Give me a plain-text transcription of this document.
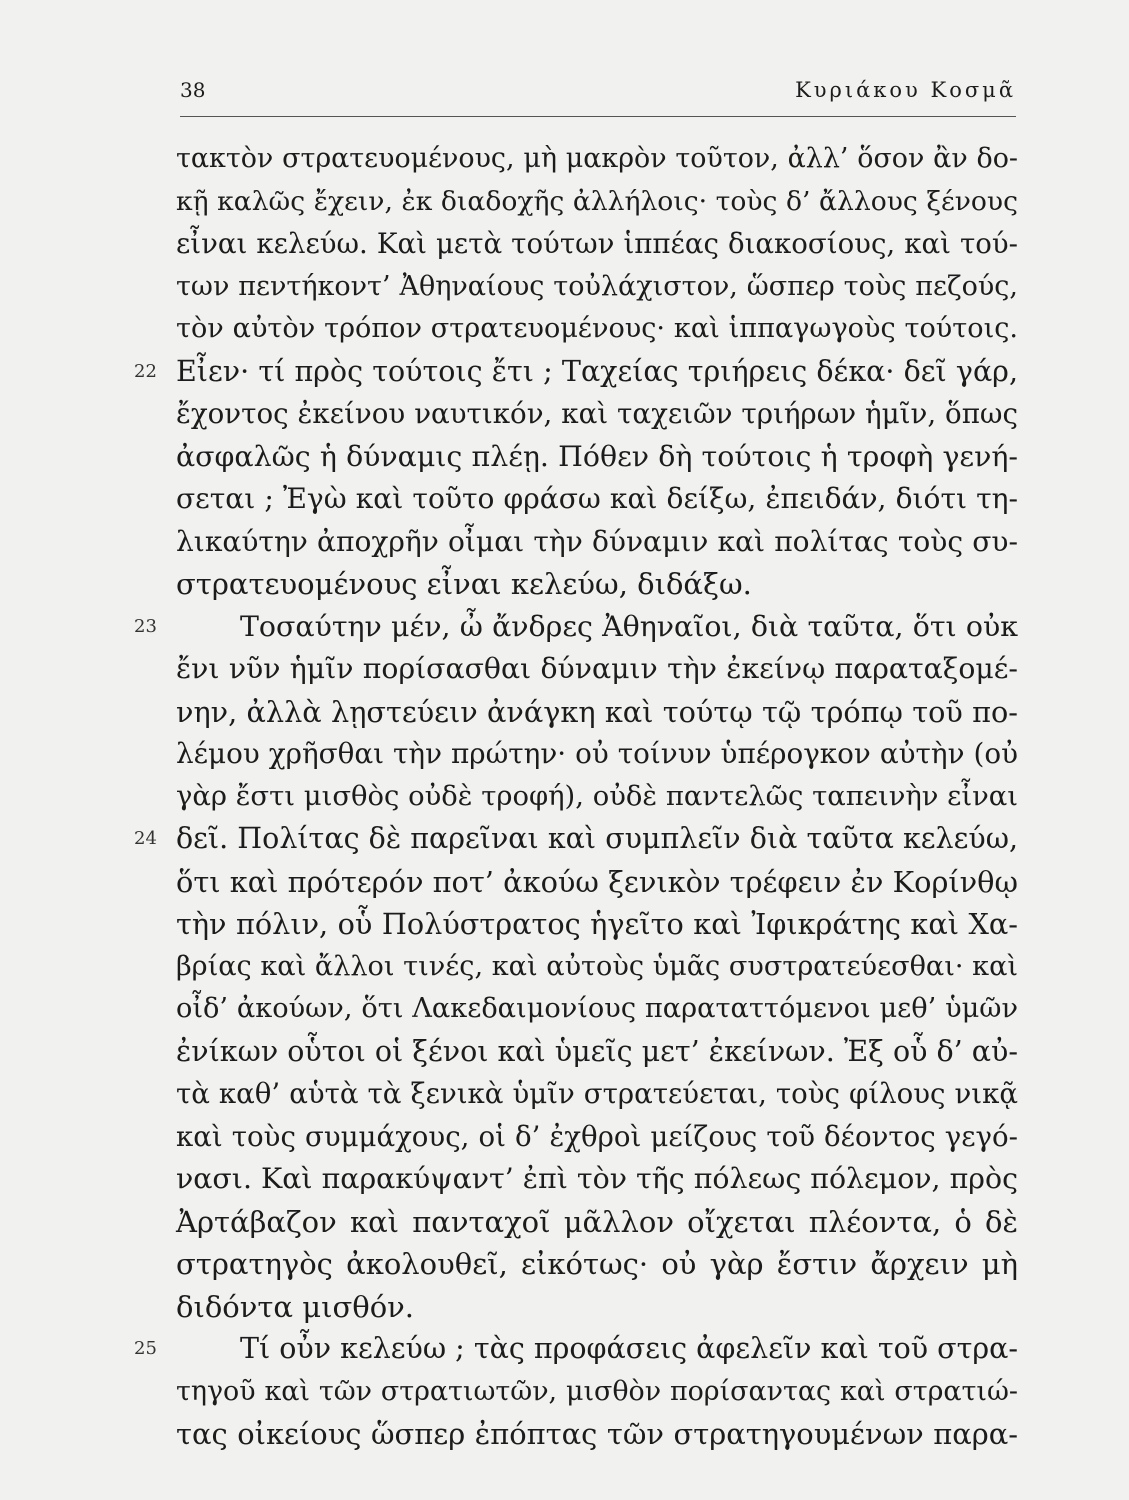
38	Κυριάκου Κοσμᾶ
τακτὸν στρατευομένους, μὴ μακρὸν τοῦτον, ἀλλ’ ὅσον ἂν δο-
κῇ καλῶς ἔχειν, ἐκ διαδοχῆς ἀλλήλοις· τοὺς δ’ ἄλλους ξένους
εἶναι κελεύω. Καὶ μετὰ τούτων ἱππέας διακοσίους, καὶ τού-
των πεντήκοντ’ Ἀθηναίους τοὐλάχιστον, ὥσπερ τοὺς πεζούς,
τὸν αὐτὸν τρόπον στρατευομένους· καὶ ἱππαγωγοὺς τούτοις.
22 Εἶεν· τί πρὸς τούτοις ἔτι ; Ταχείας τριήρεις δέκα· δεῖ γάρ,
ἔχοντος ἐκείνου ναυτικόν, καὶ ταχειῶν τριήρων ἡμῖν, ὅπως
ἀσφαλῶς ἡ δύναμις πλέῃ. Πόθεν δὴ τούτοις ἡ τροφὴ γενή-
σεται ; Ἐγὼ καὶ τοῦτο φράσω καὶ δείξω, ἐπειδάν, διότι τη-
λικαύτην ἀποχρῆν οἶμαι τὴν δύναμιν καὶ πολίτας τοὺς συ-
στρατευομένους εἶναι κελεύω, διδάξω.
23	Τοσαύτην μέν, ὦ ἄνδρες Ἀθηναῖοι, διὰ ταῦτα, ὅτι οὐκ
ἔνι νῦν ἡμῖν πορίσασθαι δύναμιν τὴν ἐκείνῳ παραταξομέ-
νην, ἀλλὰ λῃστεύειν ἀνάγκη καὶ τούτῳ τῷ τρόπῳ τοῦ πο-
λέμου χρῆσθαι τὴν πρώτην· οὐ τοίνυν ὑπέρογκον αὐτὴν (οὐ
γὰρ ἔστι μισθὸς οὐδὲ τροφή), οὐδὲ παντελῶς ταπεινὴν εἶναι
24 δεῖ. Πολίτας δὲ παρεῖναι καὶ συμπλεῖν διὰ ταῦτα κελεύω,
ὅτι καὶ πρότερόν ποτ’ ἀκούω ξενικὸν τρέφειν ἐν Κορίνθῳ
τὴν πόλιν, οὗ Πολύστρατος ἡγεῖτο καὶ Ἰφικράτης καὶ Χα-
βρίας καὶ ἄλλοι τινές, καὶ αὐτοὺς ὑμᾶς συστρατεύεσθαι· καὶ
οἶδ’ ἀκούων, ὅτι Λακεδαιμονίους παραταττόμενοι μεθ’ ὑμῶν
ἐνίκων οὗτοι οἱ ξένοι καὶ ὑμεῖς μετ’ ἐκείνων. Ἐξ οὗ δ’ αὐ-
τὰ καθ’ αὑτὰ τὰ ξενικὰ ὑμῖν στρατεύεται, τοὺς φίλους νικᾷ
καὶ τοὺς συμμάχους, οἱ δ’ ἐχθροὶ μείζους τοῦ δέοντος γεγό-
νασι. Καὶ παρακύψαντ’ ἐπὶ τὸν τῆς πόλεως πόλεμον, πρὸς
Ἀρτάβαζον καὶ πανταχοῖ μᾶλλον οἴχεται πλέοντα, ὁ δὲ
στρατηγὸς ἀκολουθεῖ, εἰκότως· οὐ γὰρ ἔστιν ἄρχειν μὴ
διδόντα μισθόν.
25	Τί οὖν κελεύω ; τὰς προφάσεις ἀφελεῖν καὶ τοῦ στρα-
τηγοῦ καὶ τῶν στρατιωτῶν, μισθὸν πορίσαντας καὶ στρατιώ-
τας οἰκείους ὥσπερ ἐπόπτας τῶν στρατηγουμένων παρα-
